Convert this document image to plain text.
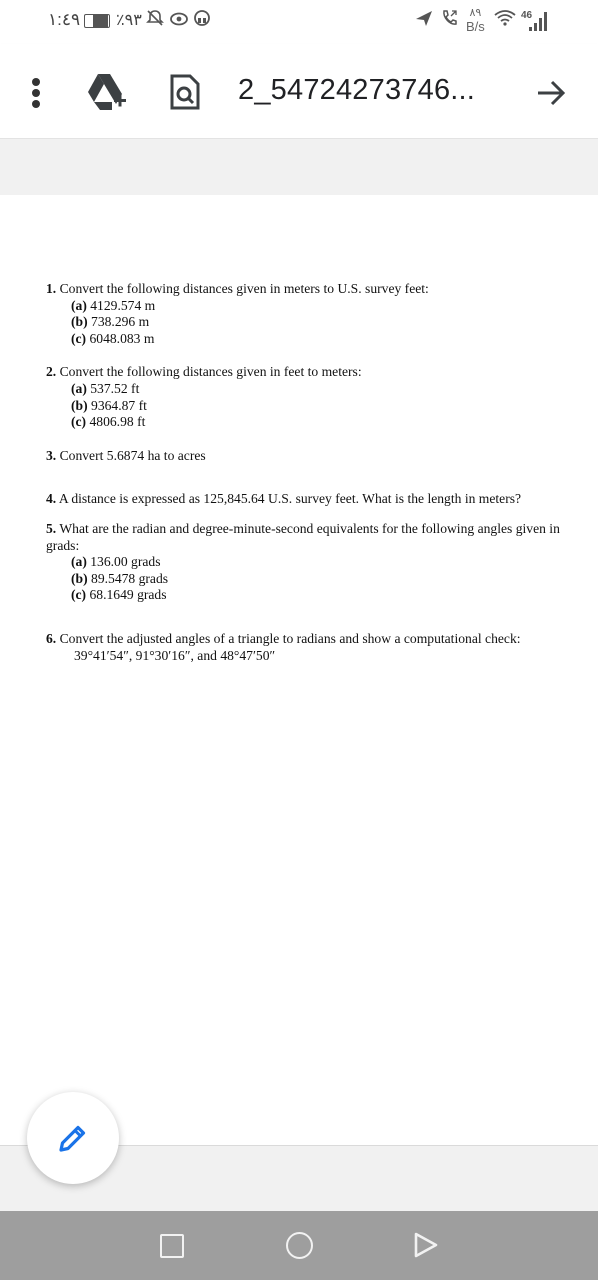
١:٤٩ ٪٩٣	٨٩
B/s
46
2_54724273746...

1. Convert the following distances given in meters to U.S. survey feet:

(a) 4129.574 m
(b) 738.296 m
(c) 6048.083 m

2. Convert the following distances given in feet to meters:

(a) 537.52 ft
(b) 9364.87 ft
(c) 4806.98 ft

3. Convert 5.6874 ha to acres

4. A distance is expressed as 125,845.64 U.S. survey feet. What is the length in meters?

5. What are the radian and degree-minute-second equivalents for the following angles given in grads:

(a) 136.00 grads
(b) 89.5478 grads
(c) 68.1649 grads

6. Convert the adjusted angles of a triangle to radians and show a computational check:

39°41′54″, 91°30′16″, and 48°47′50″
